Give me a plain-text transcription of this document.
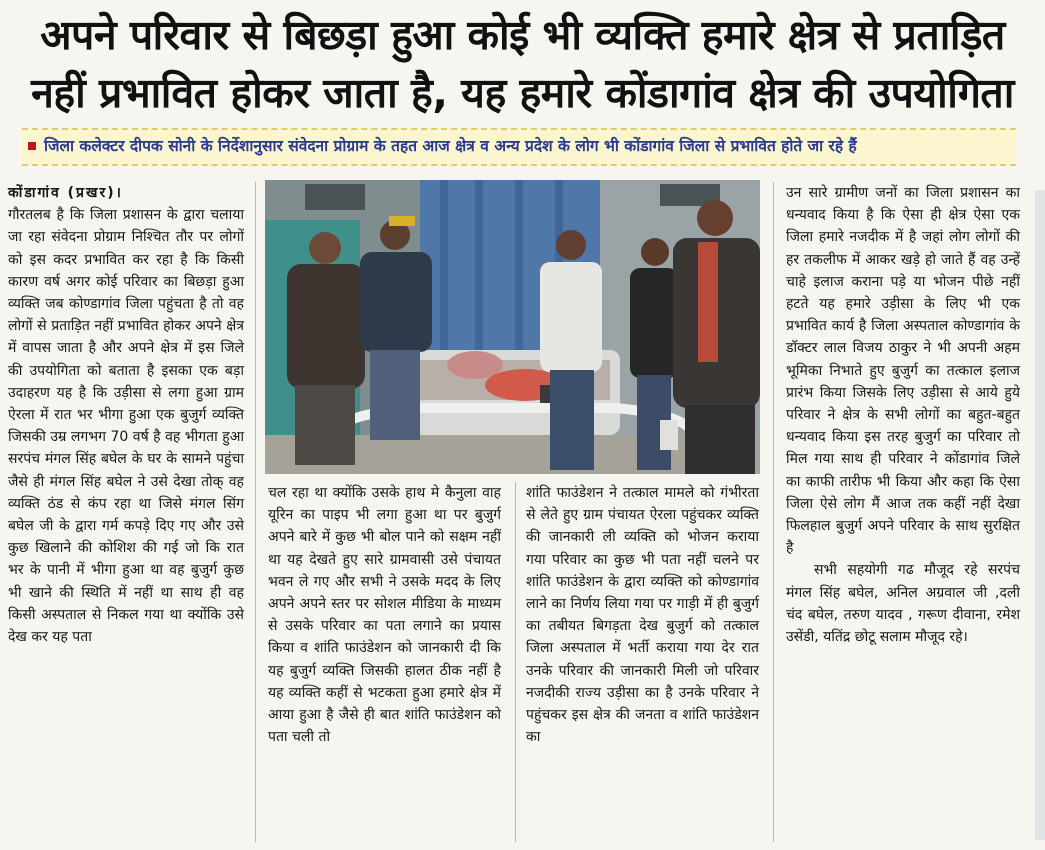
अपने परिवार से बिछड़ा हुआ कोई भी व्यक्ति हमारे क्षेत्र से प्रताड़ित
नहीं प्रभावित होकर जाता है, यह हमारे कोंडागांव क्षेत्र की उपयोगिता
जिला कलेक्टर दीपक सोनी के निर्देशानुसार संवेदना प्रोग्राम के तहत आज क्षेत्र व अन्य प्रदेश के लोग भी कोंडागांव जिला से प्रभावित होते जा रहे हैं

कोंडागांव (प्रखर)।

गौरतलब है कि जिला प्रशासन के द्वारा चलाया जा रहा संवेदना प्रोग्राम निश्चित तौर पर लोगों को इस कदर प्रभावित कर रहा है कि किसी कारण वर्ष अगर कोई परिवार का बिछड़ा हुआ व्यक्ति जब कोण्डागांव जिला पहुंचता है तो वह लोगों से प्रताड़ित नहीं प्रभावित होकर अपने क्षेत्र में वापस जाता है और अपने क्षेत्र में इस जिले की उपयोगिता को बताता है इसका एक बड़ा उदाहरण यह है कि उड़ीसा से लगा हुआ ग्राम ऐरला में रात भर भीगा हुआ एक बुजुर्ग व्यक्ति जिसकी उम्र लगभग 70 वर्ष है वह भीगता हुआ सरपंच मंगल सिंह बघेल के घर के सामने पहुंचा जैसे ही मंगल सिंह बघेल ने उसे देखा तोक् वह व्यक्ति ठंड से कंप रहा था जिसे मंगल सिंग बघेल जी के द्वारा गर्म कपड़े दिए गए और उसे कुछ खिलाने की कोशिश की गई जो कि रात भर के पानी में भीगा हुआ था वह बुजुर्ग कुछ भी खाने की स्थिति में नहीं था साथ ही वह किसी अस्पताल से निकल गया था क्योंकि उसे देख कर यह पता

चल रहा था क्योंकि उसके हाथ मे कैनुला वाह यूरिन का पाइप भी लगा हुआ था पर बुजुर्ग अपने बारे में कुछ भी बोल पाने को सक्षम नहीं था यह देखते हुए सारे ग्रामवासी उसे पंचायत भवन ले गए और सभी ने उसके मदद के लिए अपने अपने स्तर पर सोशल मीडिया के माध्यम से उसके परिवार का पता लगाने का प्रयास किया व शांति फाउंडेशन को जानकारी दी कि यह बुजुर्ग व्यक्ति जिसकी हालत ठीक नहीं है यह व्यक्ति कहीं से भटकता हुआ हमारे क्षेत्र में आया हुआ है जैसे ही बात शांति फाउंडेशन को पता चली तो

शांति फाउंडेशन ने तत्काल मामले को गंभीरता से लेते हुए ग्राम पंचायत ऐरला पहुंचकर व्यक्ति की जानकारी ली व्यक्ति को भोजन कराया गया परिवार का कुछ भी पता नहीं चलने पर शांति फाउंडेशन के द्वारा व्यक्ति को कोण्डागांव लाने का निर्णय लिया गया पर गाड़ी में ही बुजुर्ग का तबीयत बिगड़ता देख बुजुर्ग को तत्काल जिला अस्पताल में भर्ती कराया गया देर रात उनके परिवार की जानकारी मिली जो परिवार नजदीकी राज्य उड़ीसा का है उनके परिवार ने पहुंचकर इस क्षेत्र की जनता व शांति फाउंडेशन का

उन सारे ग्रामीण जनों का जिला प्रशासन का धन्यवाद किया है कि ऐसा ही क्षेत्र ऐसा एक जिला हमारे नजदीक में है जहां लोग लोगों की हर तकलीफ में आकर खड़े हो जाते हैं वह उन्हें चाहे इलाज कराना पड़े या भोजन पीछे नहीं हटते यह हमारे उड़ीसा के लिए भी एक प्रभावित कार्य है जिला अस्पताल कोण्डागांव के डॉक्टर लाल विजय ठाकुर ने भी अपनी अहम भूमिका निभाते हुए बुजुर्ग का तत्काल इलाज प्रारंभ किया जिसके लिए उड़ीसा से आये हुये परिवार ने क्षेत्र के सभी लोगों का बहुत-बहुत धन्यवाद किया इस तरह बुजुर्ग का परिवार तो मिल गया साथ ही परिवार ने कोंडागांव जिले का काफी तारीफ भी किया और कहा कि ऐसा जिला ऐसे लोग मैं आज तक कहीं नहीं देखा फिलहाल बुजुर्ग अपने परिवार के साथ सुरक्षित है

सभी सहयोगी गढ मौजूद रहे सरपंच मंगल सिंह बघेल, अनिल अग्रवाल जी ,दली चंद बघेल, तरुण यादव , गरूण दीवाना, रमेश उसेंडी, यतिंद्र छोटू सलाम मौजूद रहे।
